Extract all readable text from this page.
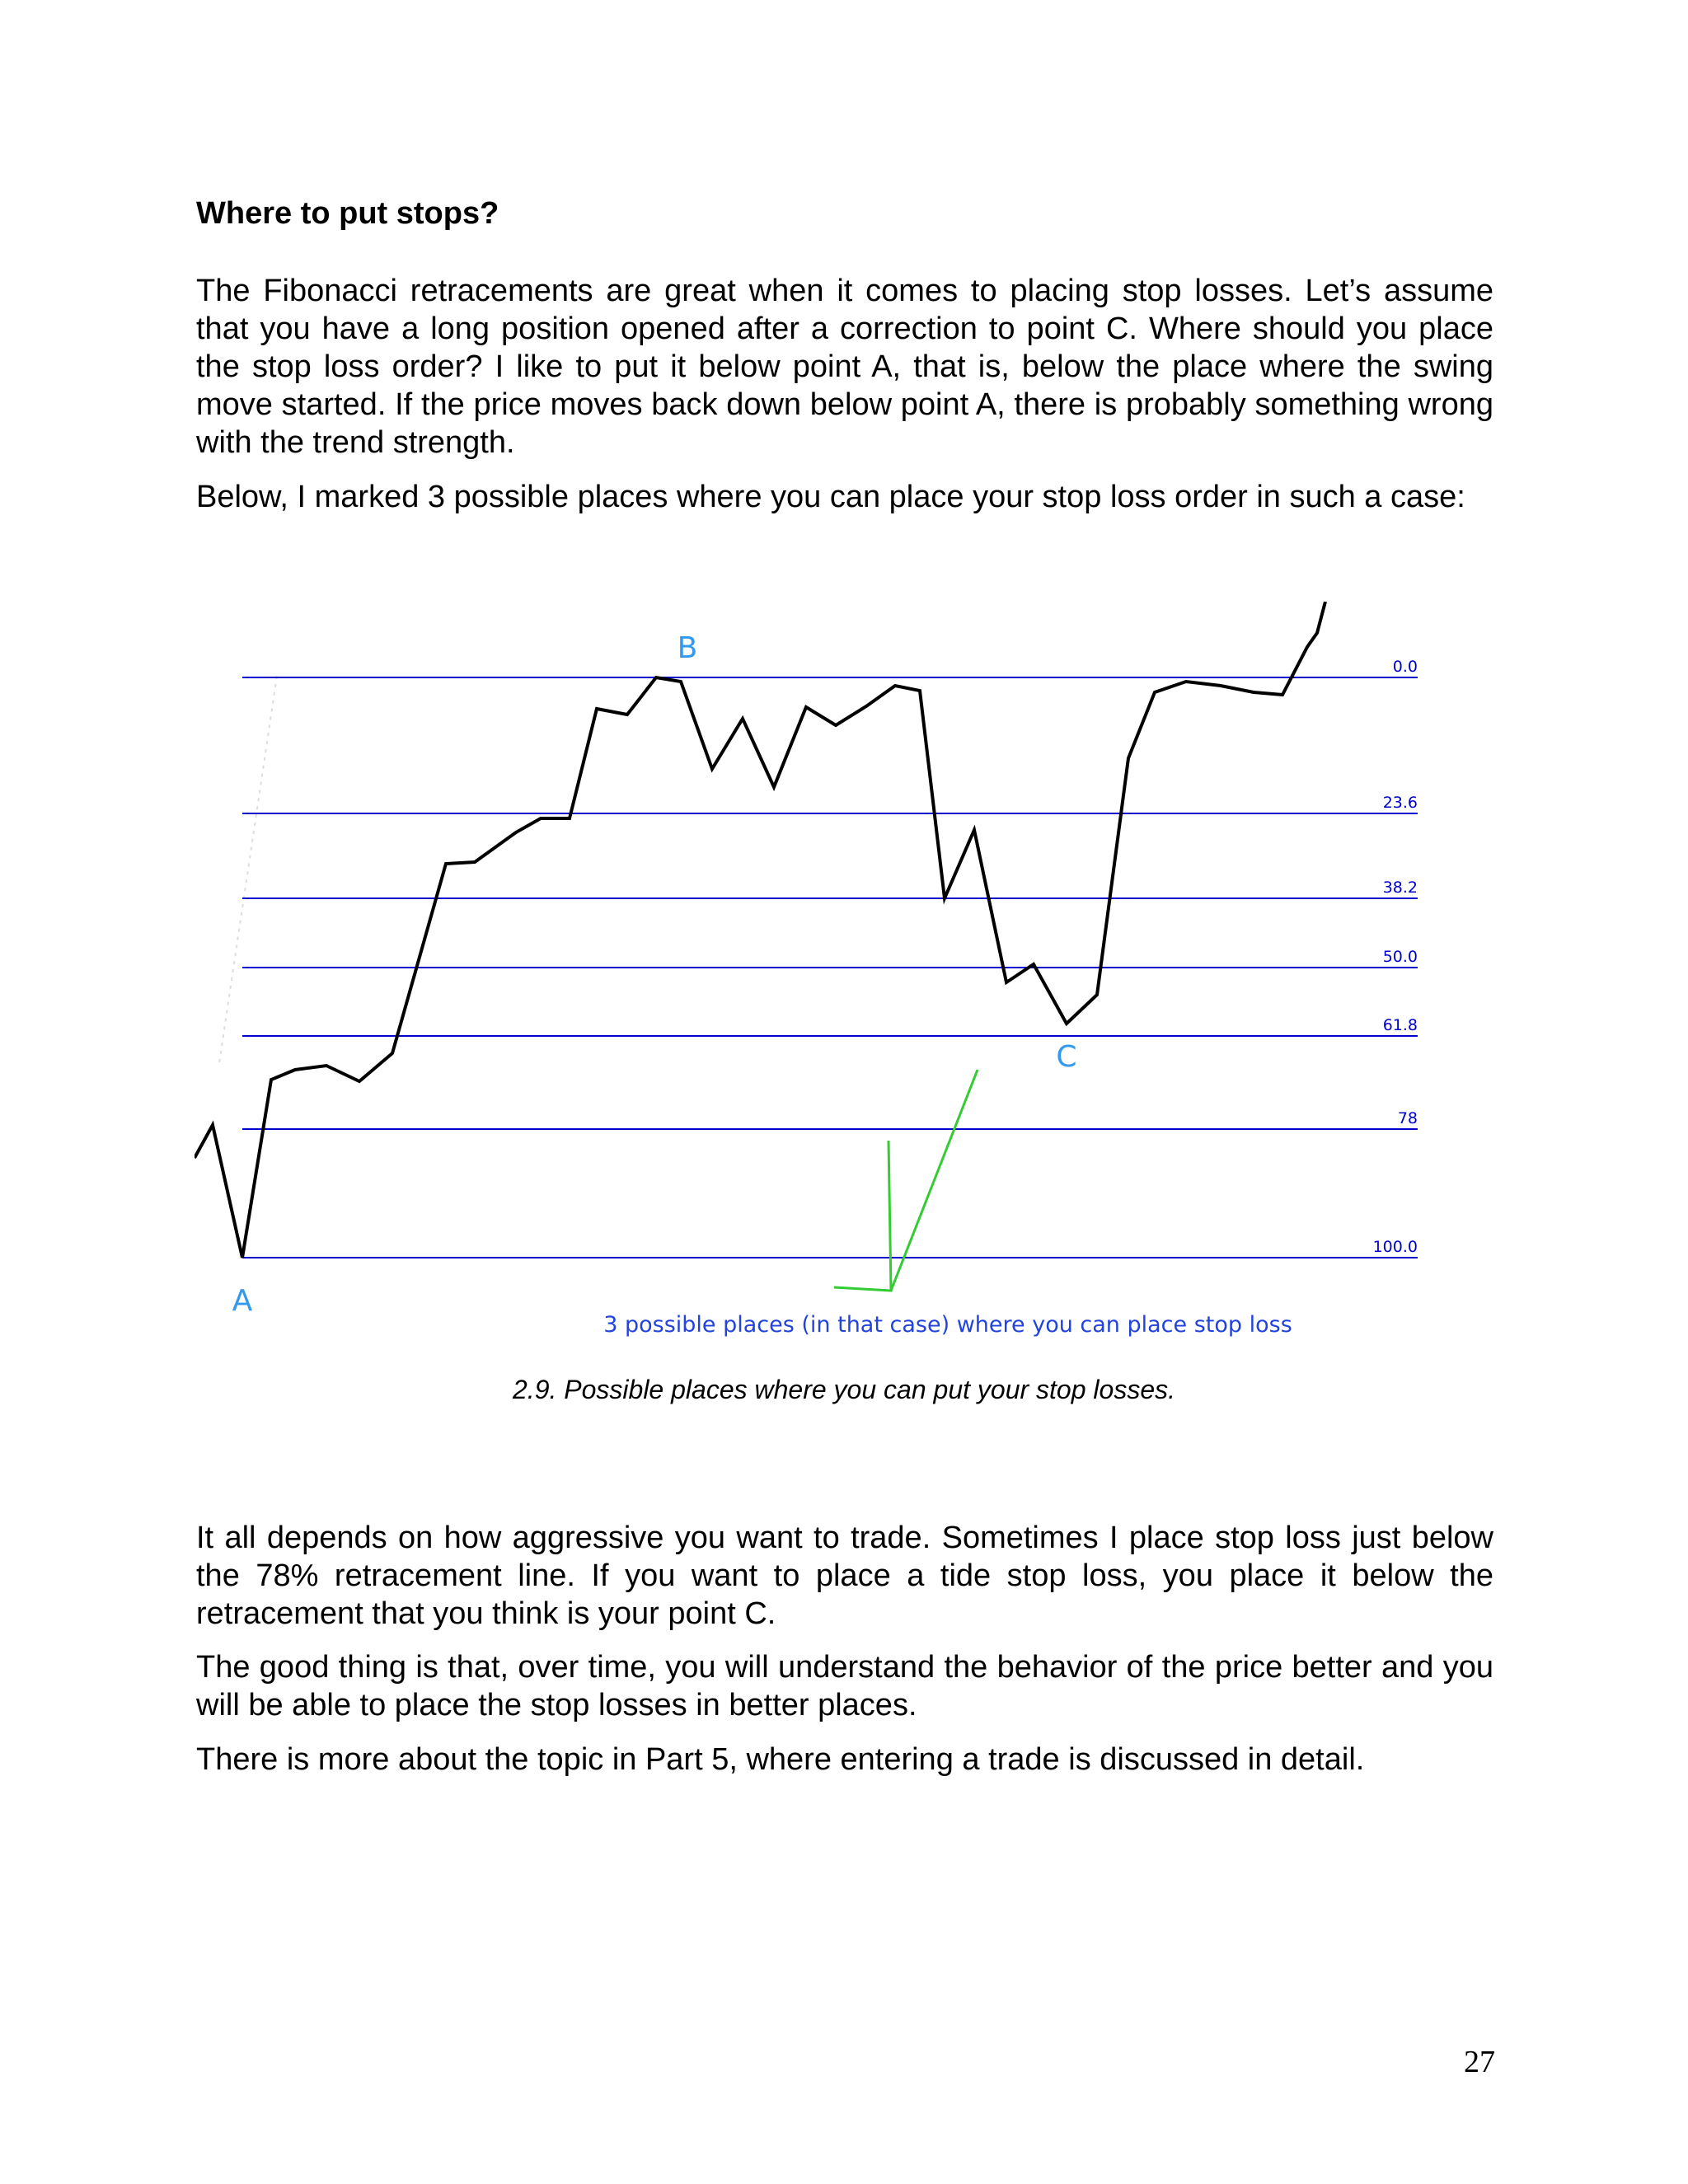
Where to put stops?

The Fibonacci retracements are great when it comes to placing stop losses. Let’s assume that you have a long position opened after a correction to point C. Where should you place the stop loss order? I like to put it below point A, that is, below the place where the swing move started. If the price moves back down below point A, there is probably something wrong with the trend strength.

Below, I marked 3 possible places where you can place your stop loss order in such a case:

0.0
23.6
38.2
50.0
61.8
78
100.0
A
B
C
3 possible places (in that case) where you can place stop loss

2.9. Possible places where you can put your stop losses.

It all depends on how aggressive you want to trade. Sometimes I place stop loss just below the 78% retracement line. If you want to place a tide stop loss, you place it below the retracement that you think is your point C.

The good thing is that, over time, you will understand the behavior of the price better and you will be able to place the stop losses in better places.

There is more about the topic in Part 5, where entering a trade is discussed in detail.

27
